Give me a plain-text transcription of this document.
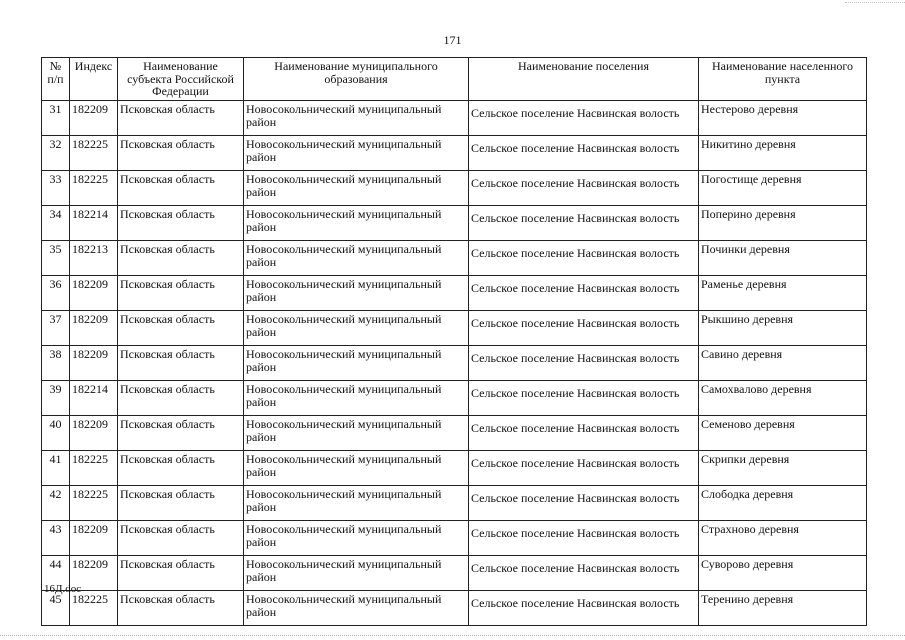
171
№ п/п	Индекс	Наименование субъекта Российской Федерации	Наименование муниципального образования	Наименование поселения	Наименование населенного пункта
31	182209	Псковская область	Новосокольнический муниципальный район	Сельское поселение Насвинская волость	Нестерово деревня
32	182225	Псковская область	Новосокольнический муниципальный район	Сельское поселение Насвинская волость	Никитино деревня
33	182225	Псковская область	Новосокольнический муниципальный район	Сельское поселение Насвинская волость	Погостище деревня
34	182214	Псковская область	Новосокольнический муниципальный район	Сельское поселение Насвинская волость	Поперино деревня
35	182213	Псковская область	Новосокольнический муниципальный район	Сельское поселение Насвинская волость	Починки деревня
36	182209	Псковская область	Новосокольнический муниципальный район	Сельское поселение Насвинская волость	Раменье деревня
37	182209	Псковская область	Новосокольнический муниципальный район	Сельское поселение Насвинская волость	Рыкшино деревня
38	182209	Псковская область	Новосокольнический муниципальный район	Сельское поселение Насвинская волость	Савино деревня
39	182214	Псковская область	Новосокольнический муниципальный район	Сельское поселение Насвинская волость	Самохвалово деревня
40	182209	Псковская область	Новосокольнический муниципальный район	Сельское поселение Насвинская волость	Семеново деревня
41	182225	Псковская область	Новосокольнический муниципальный район	Сельское поселение Насвинская волость	Скрипки деревня
42	182225	Псковская область	Новосокольнический муниципальный район	Сельское поселение Насвинская волость	Слободка деревня
43	182209	Псковская область	Новосокольнический муниципальный район	Сельское поселение Насвинская волость	Страхново деревня
44	182209	Псковская область	Новосокольнический муниципальный район	Сельское поселение Насвинская волость	Суворово деревня
45	182225	Псковская область	Новосокольнический муниципальный район	Сельское поселение Насвинская волость	Теренино деревня
16Д.doc
